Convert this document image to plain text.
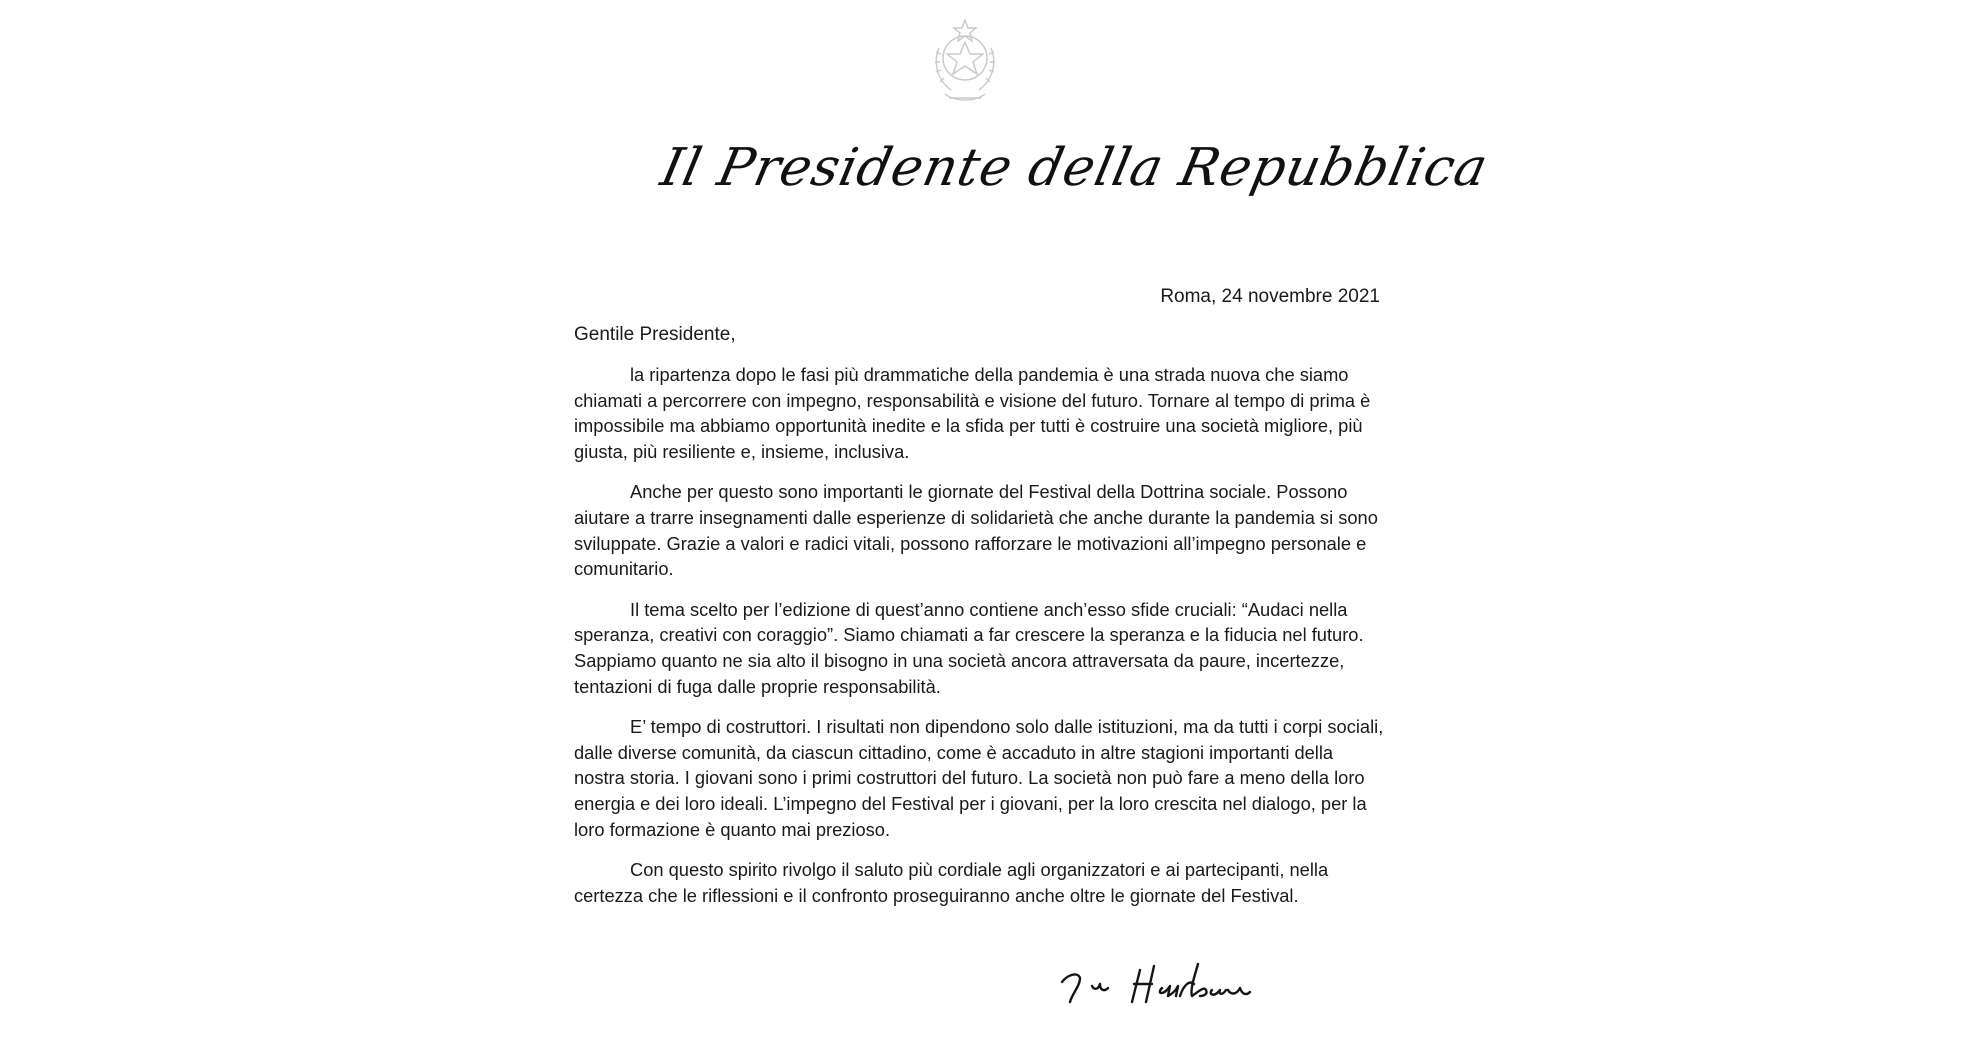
Il Presidente della Repubblica
Roma, 24 novembre 2021
Gentile Presidente,

la ripartenza dopo le fasi più drammatiche della pandemia è una strada nuova che siamo chiamati a percorrere con impegno, responsabilità e visione del futuro. Tornare al tempo di prima è impossibile ma abbiamo opportunità inedite e la sfida per tutti è costruire una società migliore, più giusta, più resiliente e, insieme, inclusiva.

Anche per questo sono importanti le giornate del Festival della Dottrina sociale. Possono aiutare a trarre insegnamenti dalle esperienze di solidarietà che anche durante la pandemia si sono sviluppate. Grazie a valori e radici vitali, possono rafforzare le motivazioni all’impegno personale e comunitario.

Il tema scelto per l’edizione di quest’anno contiene anch’esso sfide cruciali: “Audaci nella speranza, creativi con coraggio”. Siamo chiamati a far crescere la speranza e la fiducia nel futuro. Sappiamo quanto ne sia alto il bisogno in una società ancora attraversata da paure, incertezze, tentazioni di fuga dalle proprie responsabilità.

E’ tempo di costruttori. I risultati non dipendono solo dalle istituzioni, ma da tutti i corpi sociali, dalle diverse comunità, da ciascun cittadino, come è accaduto in altre stagioni importanti della nostra storia. I giovani sono i primi costruttori del futuro. La società non può fare a meno della loro energia e dei loro ideali. L’impegno del Festival per i giovani, per la loro crescita nel dialogo, per la loro formazione è quanto mai prezioso.

Con questo spirito rivolgo il saluto più cordiale agli organizzatori e ai partecipanti, nella certezza che le riflessioni e il confronto proseguiranno anche oltre le giornate del Festival.
